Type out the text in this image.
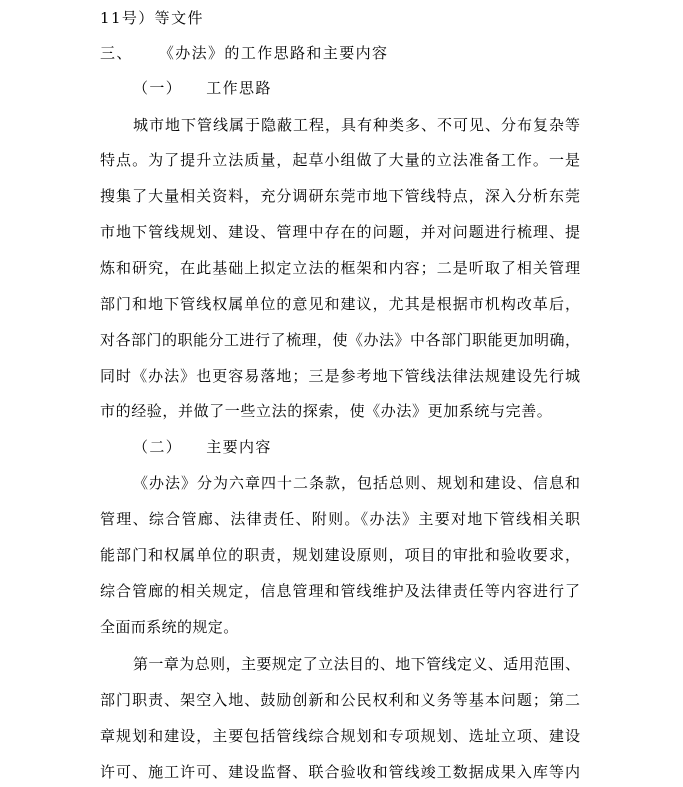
11号）等文件
三、 《办法》的工作思路和主要内容
（一） 工作思路
城市地下管线属于隐蔽工程，具有种类多、不可见、分布复杂等
特点。为了提升立法质量，起草小组做了大量的立法准备工作。一是
搜集了大量相关资料，充分调研东莞市地下管线特点，深入分析东莞
市地下管线规划、建设、管理中存在的问题，并对问题进行梳理、提
炼和研究，在此基础上拟定立法的框架和内容；二是听取了相关管理
部门和地下管线权属单位的意见和建议，尤其是根据市机构改革后，
对各部门的职能分工进行了梳理，使《办法》中各部门职能更加明确，
同时《办法》也更容易落地；三是参考地下管线法律法规建设先行城
市的经验，并做了一些立法的探索，使《办法》更加系统与完善。
（二） 主要内容
《办法》分为六章四十二条款，包括总则、规划和建设、信息和
管理、综合管廊、法律责任、附则。《办法》主要对地下管线相关职
能部门和权属单位的职责，规划建设原则，项目的审批和验收要求，
综合管廊的相关规定，信息管理和管线维护及法律责任等内容进行了
全面而系统的规定。
第一章为总则，主要规定了立法目的、地下管线定义、适用范围、
部门职责、架空入地、鼓励创新和公民权利和义务等基本问题；第二
章规划和建设，主要包括管线综合规划和专项规划、选址立项、建设
许可、施工许可、建设监督、联合验收和管线竣工数据成果入库等内
